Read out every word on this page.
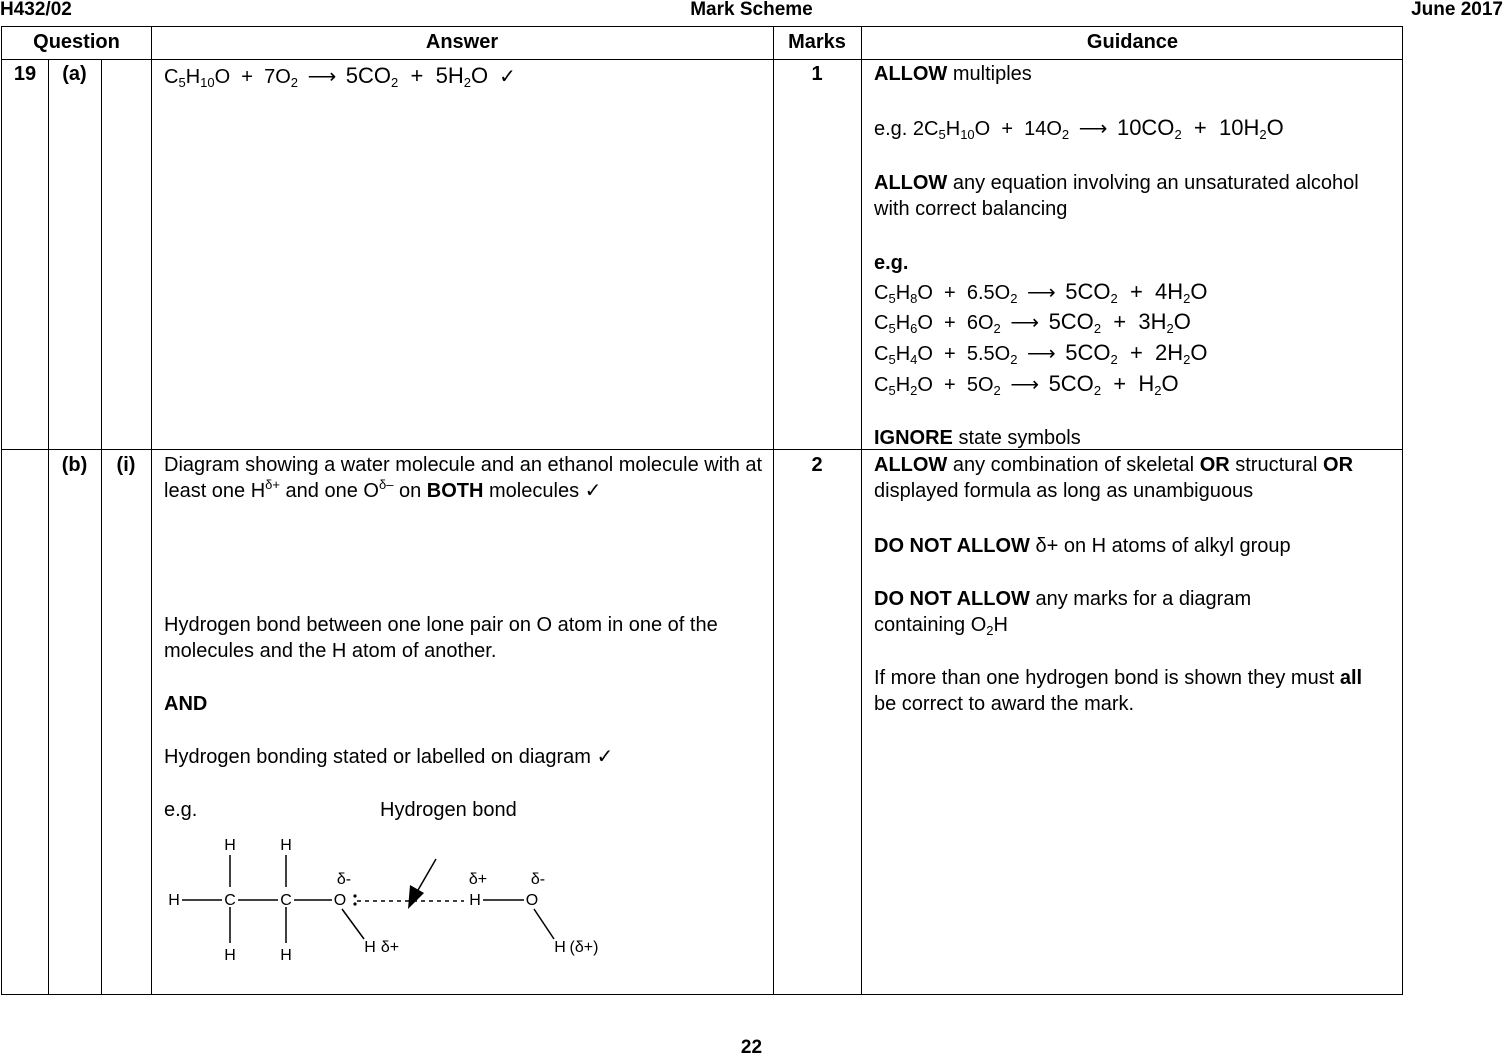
H432/02	Mark Scheme	June 2017
Question	Answer	Marks	Guidance
19	(a)	$C_5H_{10}O + 7O_2$ ⟶ $5CO_2 + 5H_2O$  ✓	1	ALLOW multiples
e.g. $2C_5H_{10}O + 14O_2$ ⟶ $10CO_2 + 10H_2O$
ALLOW any equation involving an unsaturated alcohol with correct balancing
e.g.
$C_5H_8O + 6.5O_2$ ⟶ $5CO_2 + 4H_2O$
$C_5H_6O + 6O_2$ ⟶ $5CO_2 + 3H_2O$
$C_5H_4O + 5.5O_2$ ⟶ $5CO_2 + 2H_2O$
$C_5H_2O + 5O_2$ ⟶ $5CO_2 + H_2O$
IGNORE state symbols
(b)	(i)	Diagram showing a water molecule and an ethanol molecule with at least one $H^{\delta+}$ and one $O^{\delta-}$ on BOTH molecules ✓
Hydrogen bond between one lone pair on O atom in one of the molecules and the H atom of another.
AND
Hydrogen bonding stated or labelled on diagram ✓
e.g.	Hydrogen bond
H	H
H	C	C	O
H	H
δ-
H δ+
δ+
H
δ-
O
H (δ+)
2	ALLOW any combination of skeletal OR structural OR displayed formula as long as unambiguous
DO NOT ALLOW δ+ on H atoms of alkyl group
DO NOT ALLOW any marks for a diagram containing $O_2H$
If more than one hydrogen bond is shown they must all be correct to award the mark.
22
